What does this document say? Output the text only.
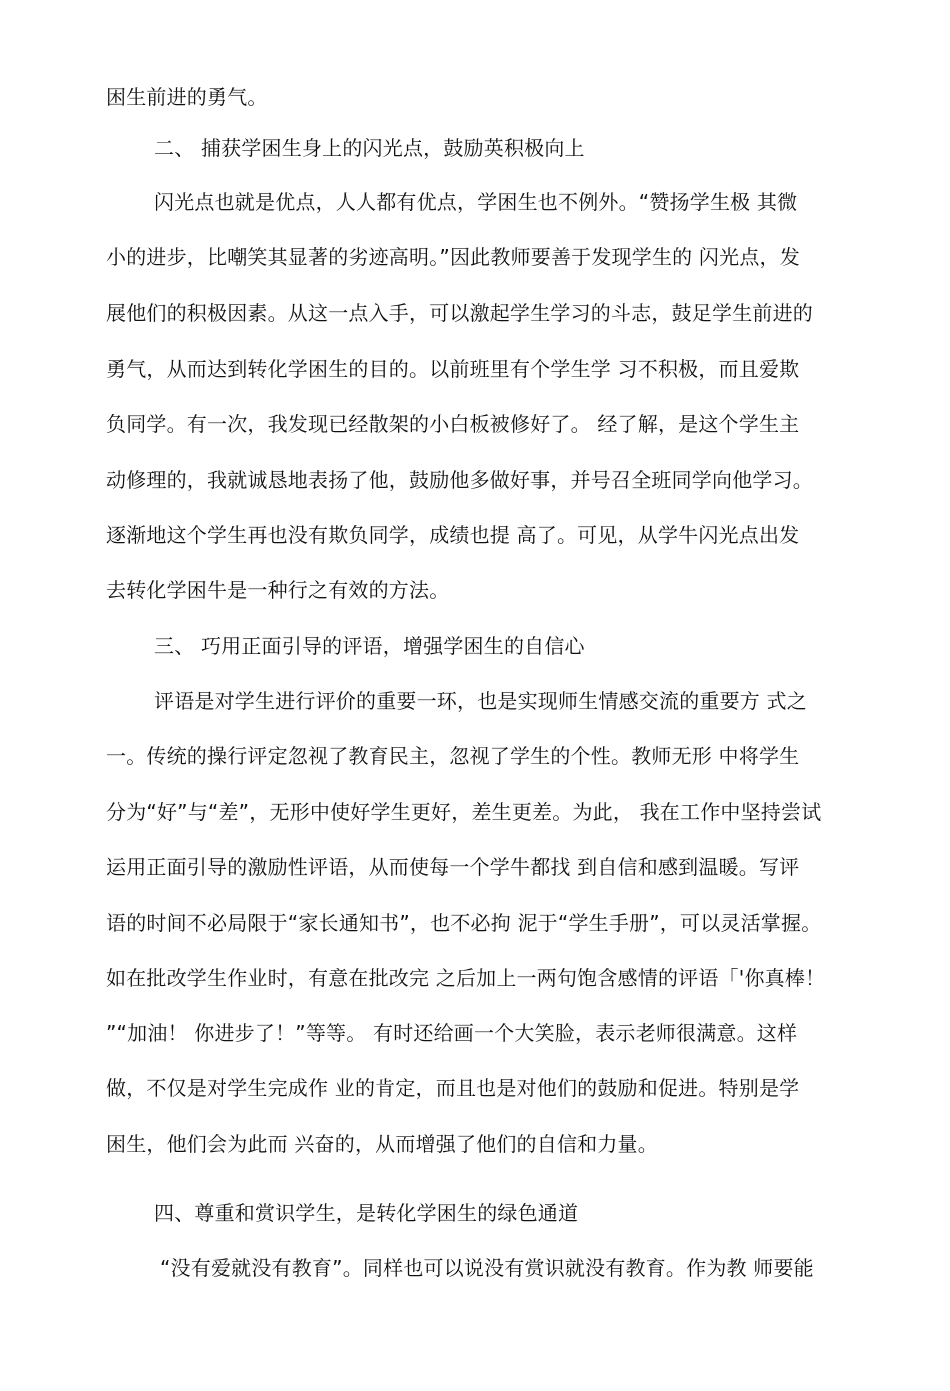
困生前进的勇气。
二、 捕获学困生身上的闪光点，鼓励英积极向上
闪光点也就是优点，人人都有优点，学困生也不例外。“赞扬学生极 其微
小的进步，比嘲笑其显著的劣迹高明。”因此教师要善于发现学生的 闪光点，发
展他们的积极因素。从这一点入手，可以激起学生学习的斗志，鼓足学生前进的
勇气，从而达到转化学困生的目的。以前班里有个学生学 习不积极，而且爱欺
负同学。有一次，我发现已经散架的小白板被修好了。 经了解，是这个学生主
动修理的，我就诚恳地表扬了他，鼓励他多做好事，并号召全班同学向他学习。
逐渐地这个学生再也没有欺负同学，成绩也提 高了。可见，从学牛闪光点出发
去转化学困牛是一种行之有效的方法。
三、 巧用正面引导的评语，增强学困生的自信心
评语是对学生进行评价的重要一环，也是实现师生情感交流的重要方 式之
一。传统的操行评定忽视了教育民主，忽视了学生的个性。教师无形 中将学生
分为“好”与“差”，无形中使好学生更好，差生更差。为此， 我在工作中坚持尝试
运用正面引导的激励性评语，从而使每一个学牛都找 到自信和感到温暖。写评
语的时间不必局限于“家长通知书”，也不必拘 泥于“学生手册”，可以灵活掌握。
如在批改学生作业时，有意在批改完 之后加上一两句饱含感情的评语「'你真棒！
”“加油！ 你进步了！”等等。 有时还给画一个大笑脸，表示老师很满意。这样
做，不仅是对学生完成作 业的肯定，而且也是对他们的鼓励和促进。特别是学
困生，他们会为此而 兴奋的，从而增强了他们的自信和力量。
四、尊重和赏识学生，是转化学困生的绿色通道
“没有爱就没有教育”。同样也可以说没有赏识就没有教育。作为教 师要能
